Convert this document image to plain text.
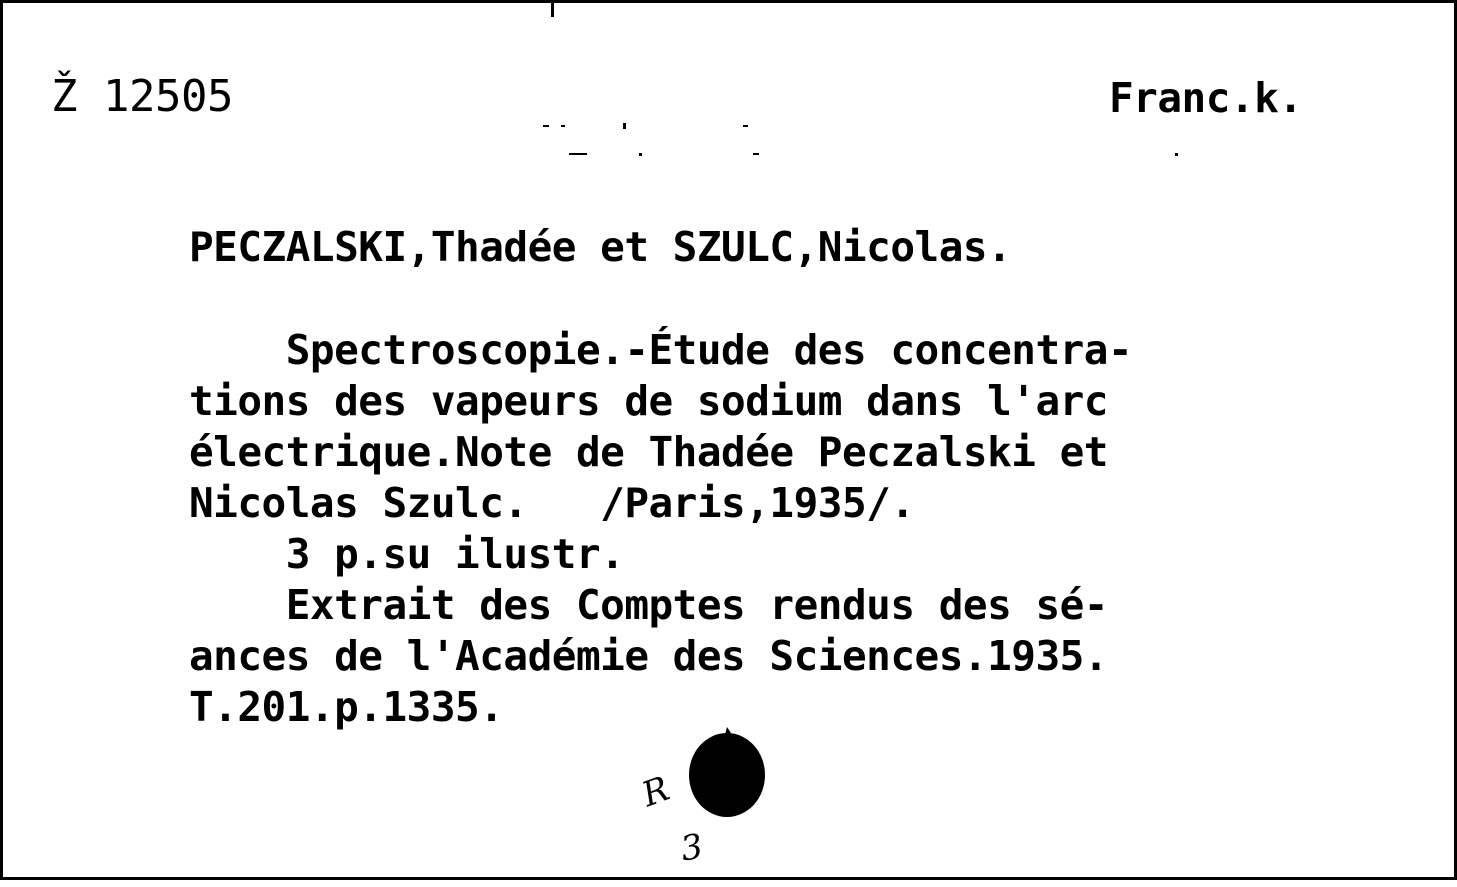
Ž 12505	Franc.k.
PECZALSKI,Thadée et SZULC,Nicolas.
Spectroscopie.-Étude des concentra-
tions des vapeurs de sodium dans l'arc
électrique.Note de Thadée Peczalski et
Nicolas Szulc.   /Paris,1935/.
3 p.su ilustr.
Extrait des Comptes rendus des sé-
ances de l'Académie des Sciences.1935.
T.201.p.1335.
R
3
